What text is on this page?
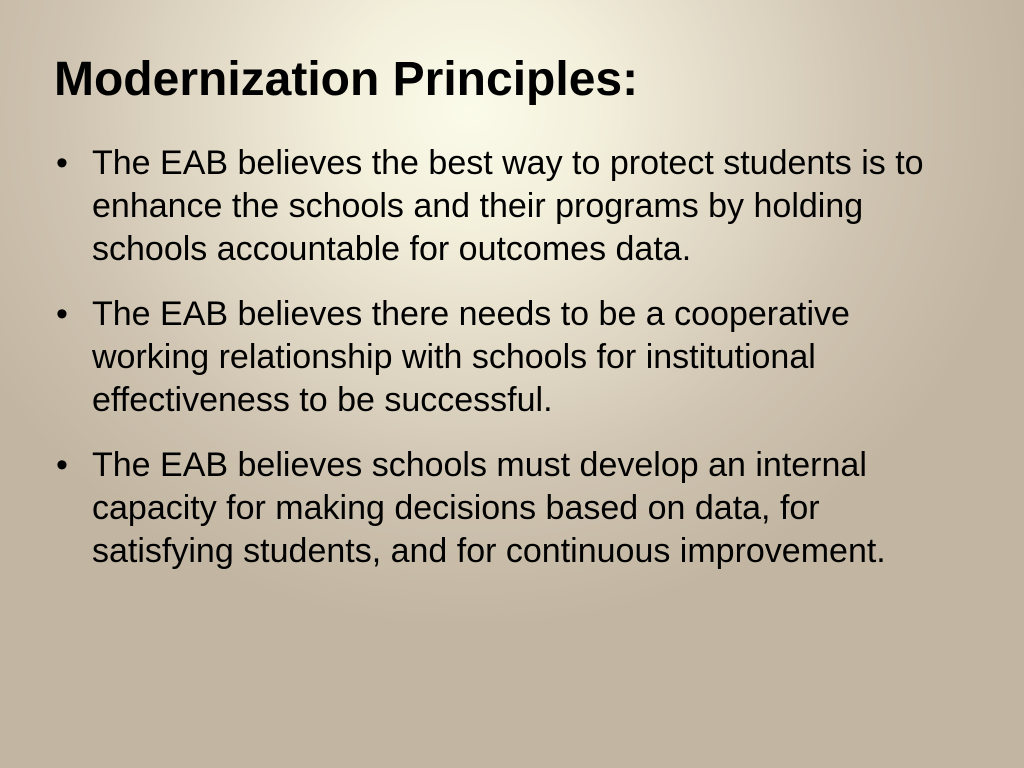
Modernization Principles:
• The EAB believes the best way to protect students is to enhance the schools and their programs by holding schools accountable for outcomes data.
• The EAB believes there needs to be a cooperative working relationship with schools for institutional effectiveness to be successful.
• The EAB believes schools must develop an internal capacity for making decisions based on data, for satisfying students, and for continuous improvement.
